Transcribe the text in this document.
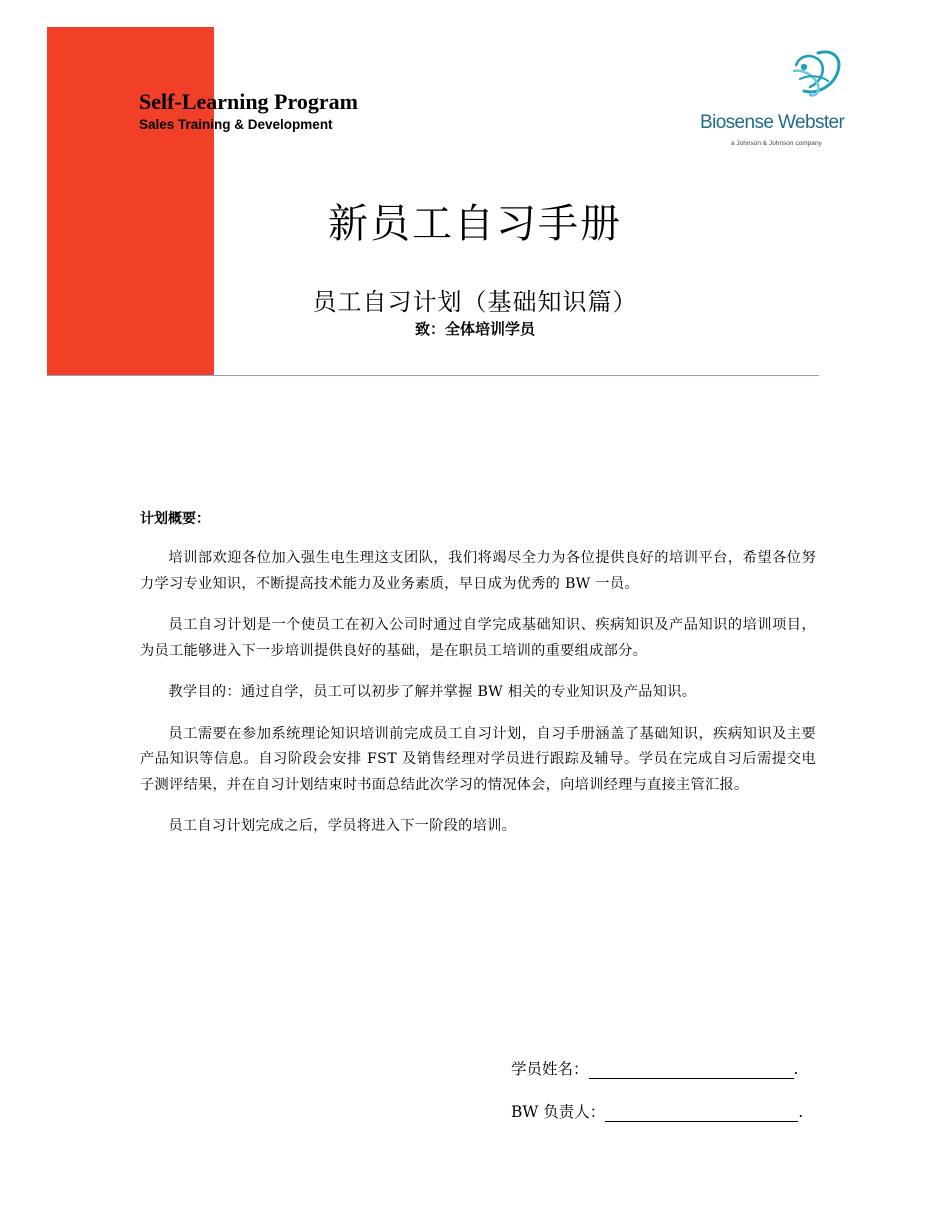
Self-Learning Program
Sales Training & Development	Biosense Webster
a Johnson & Johnson company
新员工自习手册
员工自习计划（基础知识篇）
致：全体培训学员
计划概要：

培训部欢迎各位加入强生电生理这支团队，我们将竭尽全力为各位提供良好的培训平台，希望各位努力学习专业知识，不断提高技术能力及业务素质，早日成为优秀的 BW 一员。

员工自习计划是一个使员工在初入公司时通过自学完成基础知识、疾病知识及产品知识的培训项目，为员工能够进入下一步培训提供良好的基础，是在职员工培训的重要组成部分。

教学目的：通过自学，员工可以初步了解并掌握 BW 相关的专业知识及产品知识。

员工需要在参加系统理论知识培训前完成员工自习计划，自习手册涵盖了基础知识，疾病知识及主要产品知识等信息。自习阶段会安排 FST 及销售经理对学员进行跟踪及辅导。学员在完成自习后需提交电子测评结果，并在自习计划结束时书面总结此次学习的情况体会，向培训经理与直接主管汇报。

员工自习计划完成之后，学员将进入下一阶段的培训。

学员姓名：	.
BW 负责人：	.
